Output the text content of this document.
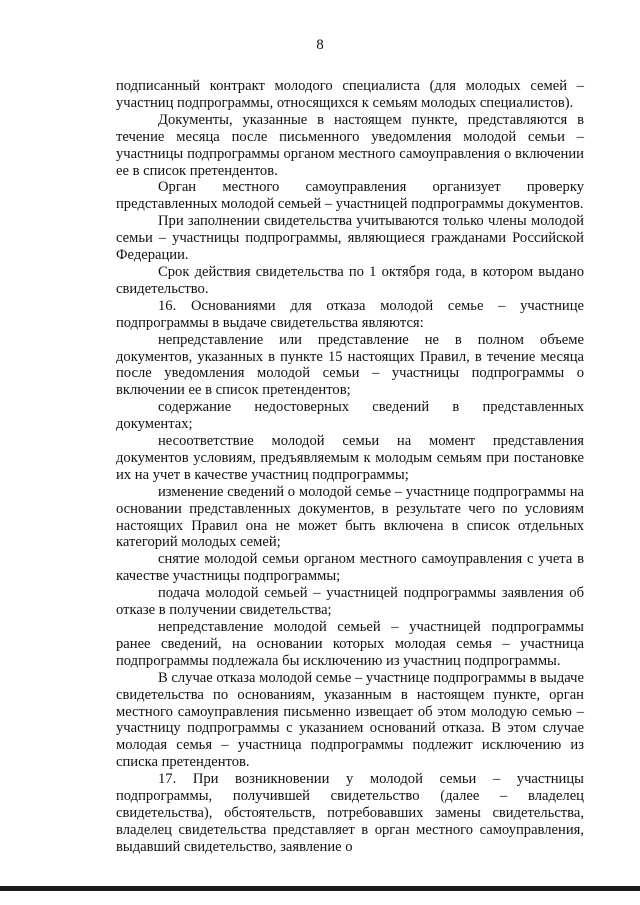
8

подписанный контракт молодого специалиста (для молодых семей – участниц подпрограммы, относящихся к семьям молодых специалистов).

Документы, указанные в настоящем пункте, представляются в течение месяца после письменного уведомления молодой семьи – участницы подпрограммы органом местного самоуправления о включении ее в список претендентов.

Орган местного самоуправления организует проверку представленных молодой семьей – участницей подпрограммы документов.

При заполнении свидетельства учитываются только члены молодой семьи – участницы подпрограммы, являющиеся гражданами Российской Федерации.

Срок действия свидетельства по 1 октября года, в котором выдано свидетельство.

16. Основаниями для отказа молодой семье – участнице подпрограммы в выдаче свидетельства являются:

непредставление или представление не в полном объеме документов, указанных в пункте 15 настоящих Правил, в течение месяца после уведомления молодой семьи – участницы подпрограммы о включении ее в список претендентов;

содержание недостоверных сведений в представленных документах;

несоответствие молодой семьи на момент представления документов условиям, предъявляемым к молодым семьям при постановке их на учет в качестве участниц подпрограммы;

изменение сведений о молодой семье – участнице подпрограммы на основании представленных документов, в результате чего по условиям настоящих Правил она не может быть включена в список отдельных категорий молодых семей;

снятие молодой семьи органом местного самоуправления с учета в качестве участницы подпрограммы;

подача молодой семьей – участницей подпрограммы заявления об отказе в получении свидетельства;

непредставление молодой семьей – участницей подпрограммы ранее сведений, на основании которых молодая семья – участница подпрограммы подлежала бы исключению из участниц подпрограммы.

В случае отказа молодой семье – участнице подпрограммы в выдаче свидетельства по основаниям, указанным в настоящем пункте, орган местного самоуправления письменно извещает об этом молодую семью – участницу подпрограммы с указанием оснований отказа. В этом случае молодая семья – участница подпрограммы подлежит исключению из списка претендентов.

17. При возникновении у молодой семьи – участницы подпрограммы, получившей свидетельство (далее – владелец свидетельства), обстоятельств, потребовавших замены свидетельства, владелец свидетельства представляет в орган местного самоуправления, выдавший свидетельство, заявление о
